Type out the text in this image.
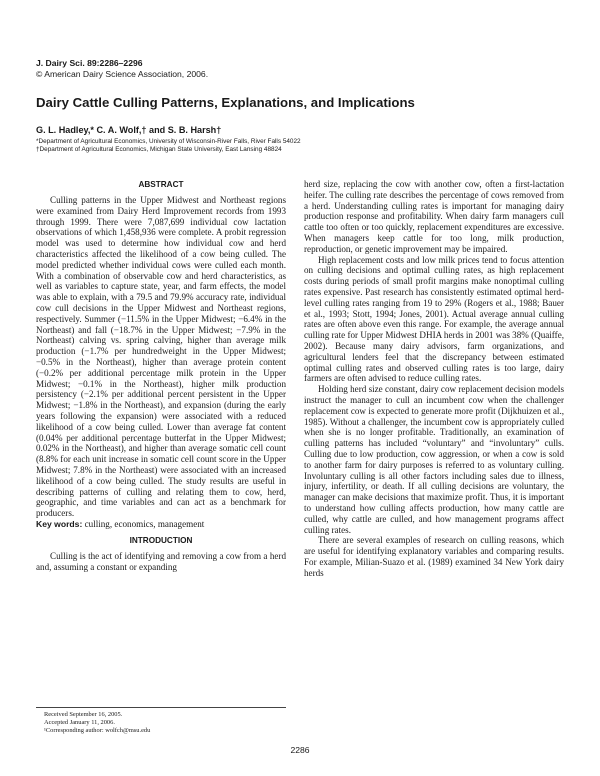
J. Dairy Sci. 89:2286–2296
© American Dairy Science Association, 2006.
Dairy Cattle Culling Patterns, Explanations, and Implications
G. L. Hadley,* C. A. Wolf,† and S. B. Harsh†
*Department of Agricultural Economics, University of Wisconsin-River Falls, River Falls 54022
†Department of Agricultural Economics, Michigan State University, East Lansing 48824
ABSTRACT

Culling patterns in the Upper Midwest and Northeast regions were examined from Dairy Herd Improvement records from 1993 through 1999. There were 7,087,699 individual cow lactation observations of which 1,458,936 were complete. A probit regression model was used to determine how individual cow and herd characteristics affected the likelihood of a cow being culled. The model predicted whether individual cows were culled each month. With a combination of observable cow and herd characteristics, as well as variables to capture state, year, and farm effects, the model was able to explain, with a 79.5 and 79.9% accuracy rate, individual cow cull decisions in the Upper Midwest and Northeast regions, respectively. Summer (−11.5% in the Upper Midwest; −6.4% in the Northeast) and fall (−18.7% in the Upper Midwest; −7.9% in the Northeast) calving vs. spring calving, higher than average milk production (−1.7% per hundredweight in the Upper Midwest; −0.5% in the Northeast), higher than average protein content (−0.2% per additional percentage milk protein in the Upper Midwest; −0.1% in the Northeast), higher milk production persistency (−2.1% per additional percent persistent in the Upper Midwest; −1.8% in the Northeast), and expansion (during the early years following the expansion) were associated with a reduced likelihood of a cow being culled. Lower than average fat content (0.04% per additional percentage butterfat in the Upper Midwest; 0.02% in the Northeast), and higher than average somatic cell count (8.8% for each unit increase in somatic cell count score in the Upper Midwest; 7.8% in the Northeast) were associated with an increased likelihood of a cow being culled. The study results are useful in describing patterns of culling and relating them to cow, herd, geographic, and time variables and can act as a benchmark for producers.

Key words: culling, economics, management

INTRODUCTION

Culling is the act of identifying and removing a cow from a herd and, assuming a constant or expanding

herd size, replacing the cow with another cow, often a first-lactation heifer. The culling rate describes the percentage of cows removed from a herd. Understanding culling rates is important for managing dairy production response and profitability. When dairy farm managers cull cattle too often or too quickly, replacement expenditures are excessive. When managers keep cattle for too long, milk production, reproduction, or genetic improvement may be impaired.

High replacement costs and low milk prices tend to focus attention on culling decisions and optimal culling rates, as high replacement costs during periods of small profit margins make nonoptimal culling rates expensive. Past research has consistently estimated optimal herd-level culling rates ranging from 19 to 29% (Rogers et al., 1988; Bauer et al., 1993; Stott, 1994; Jones, 2001). Actual average annual culling rates are often above even this range. For example, the average annual culling rate for Upper Midwest DHIA herds in 2001 was 38% (Quaiffe, 2002). Because many dairy advisors, farm organizations, and agricultural lenders feel that the discrepancy between estimated optimal culling rates and observed culling rates is too large, dairy farmers are often advised to reduce culling rates.

Holding herd size constant, dairy cow replacement decision models instruct the manager to cull an incumbent cow when the challenger replacement cow is expected to generate more profit (Dijkhuizen et al., 1985). Without a challenger, the incumbent cow is appropriately culled when she is no longer profitable. Traditionally, an examination of culling patterns has included “voluntary” and “involuntary” culls. Culling due to low production, cow aggression, or when a cow is sold to another farm for dairy purposes is referred to as voluntary culling. Involuntary culling is all other factors including sales due to illness, injury, infertility, or death. If all culling decisions are voluntary, the manager can make decisions that maximize profit. Thus, it is important to understand how culling affects production, how many cattle are culled, why cattle are culled, and how management programs affect culling rates.

There are several examples of research on culling reasons, which are useful for identifying explanatory variables and comparing results. For example, Milian-Suazo et al. (1989) examined 34 New York dairy herds

Received September 16, 2005.

Accepted January 11, 2006.

¹Corresponding author: wolfch@msu.edu

2286
